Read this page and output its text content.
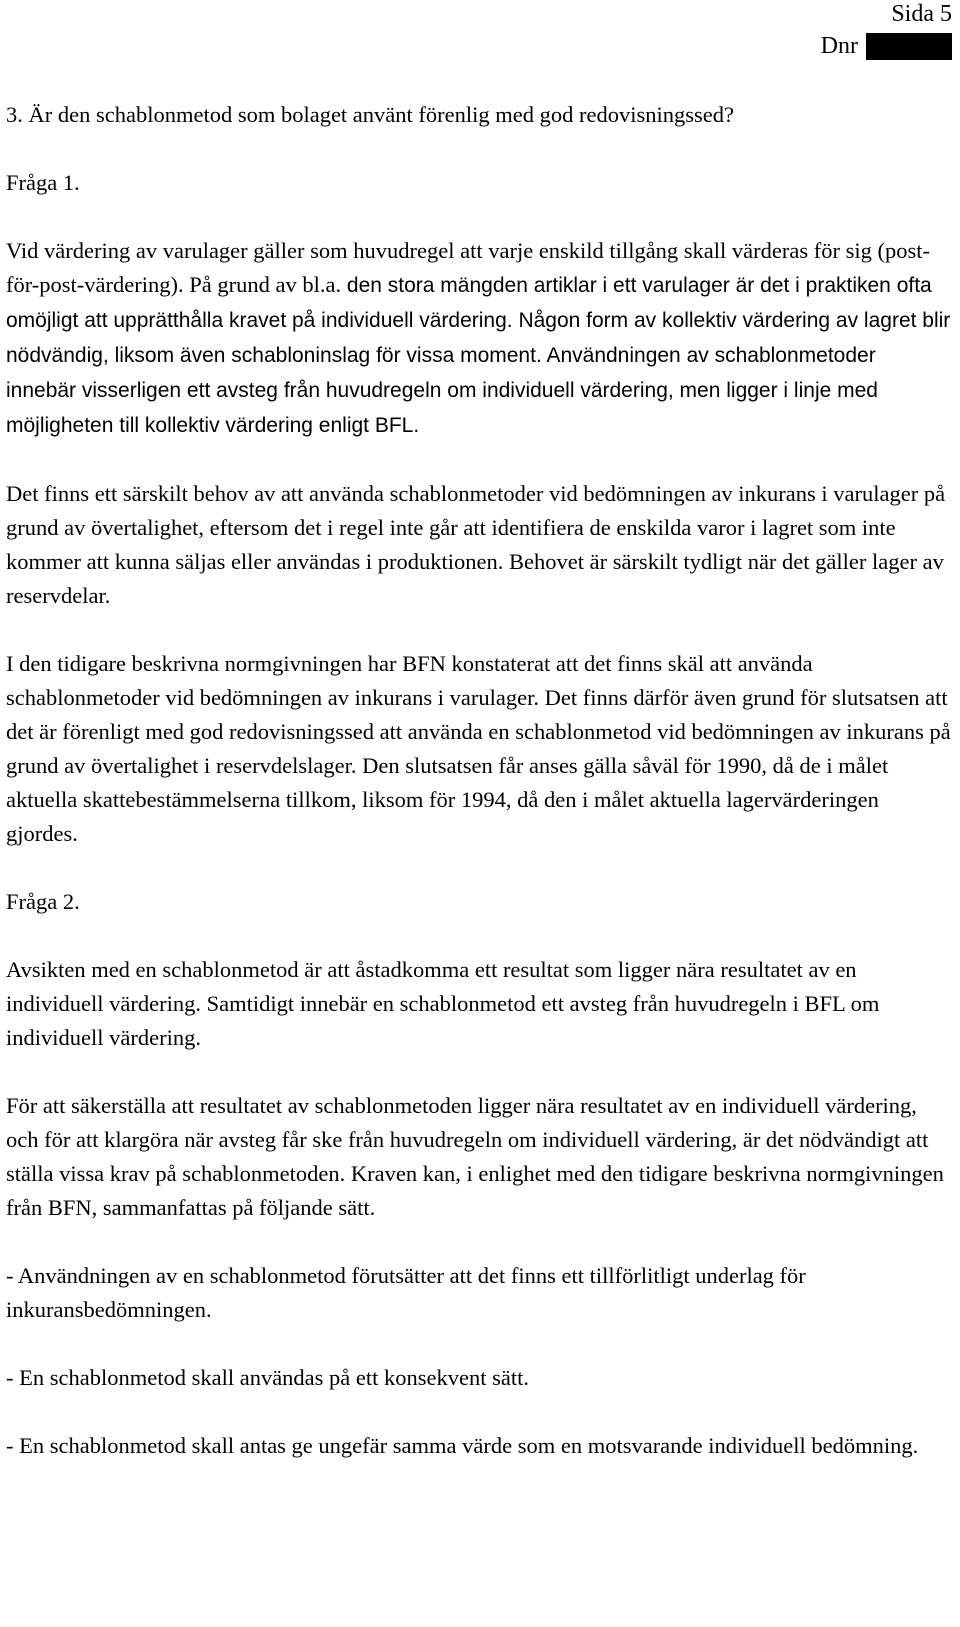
Sida 5
Dnr

3. Är den schablonmetod som bolaget använt förenlig med god redovisningssed?

Fråga 1.

Vid värdering av varulager gäller som huvudregel att varje enskild tillgång skall värderas för sig (post-för-post-värdering). På grund av bl.a. den stora mängden artiklar i ett varulager är det i praktiken ofta omöjligt att upprätthålla kravet på individuell värdering. Någon form av kollektiv värdering av lagret blir nödvändig, liksom även schabloninslag för vissa moment. Användningen av schablonmetoder innebär visserligen ett avsteg från huvudregeln om individuell värdering, men ligger i linje med möjligheten till kollektiv värdering enligt BFL.

Det finns ett särskilt behov av att använda schablonmetoder vid bedömningen av inkurans i varulager på grund av övertalighet, eftersom det i regel inte går att identifiera de enskilda varor i lagret som inte kommer att kunna säljas eller användas i produktionen. Behovet är särskilt tydligt när det gäller lager av reservdelar.

I den tidigare beskrivna normgivningen har BFN konstaterat att det finns skäl att använda schablonmetoder vid bedömningen av inkurans i varulager. Det finns därför även grund för slutsatsen att det är förenligt med god redovisningssed att använda en schablonmetod vid bedömningen av inkurans på grund av övertalighet i reservdelslager. Den slutsatsen får anses gälla såväl för 1990, då de i målet aktuella skattebestämmelserna tillkom, liksom för 1994, då den i målet aktuella lagervärderingen gjordes.

Fråga 2.

Avsikten med en schablonmetod är att åstadkomma ett resultat som ligger nära resultatet av en individuell värdering. Samtidigt innebär en schablonmetod ett avsteg från huvudregeln i BFL om individuell värdering.

För att säkerställa att resultatet av schablonmetoden ligger nära resultatet av en individuell värdering, och för att klargöra när avsteg får ske från huvudregeln om individuell värdering, är det nödvändigt att ställa vissa krav på schablonmetoden. Kraven kan, i enlighet med den tidigare beskrivna normgivningen från BFN, sammanfattas på följande sätt.

- Användningen av en schablonmetod förutsätter att det finns ett tillförlitligt underlag för inkuransbedömningen.

- En schablonmetod skall användas på ett konsekvent sätt.

- En schablonmetod skall antas ge ungefär samma värde som en motsvarande individuell bedömning.
